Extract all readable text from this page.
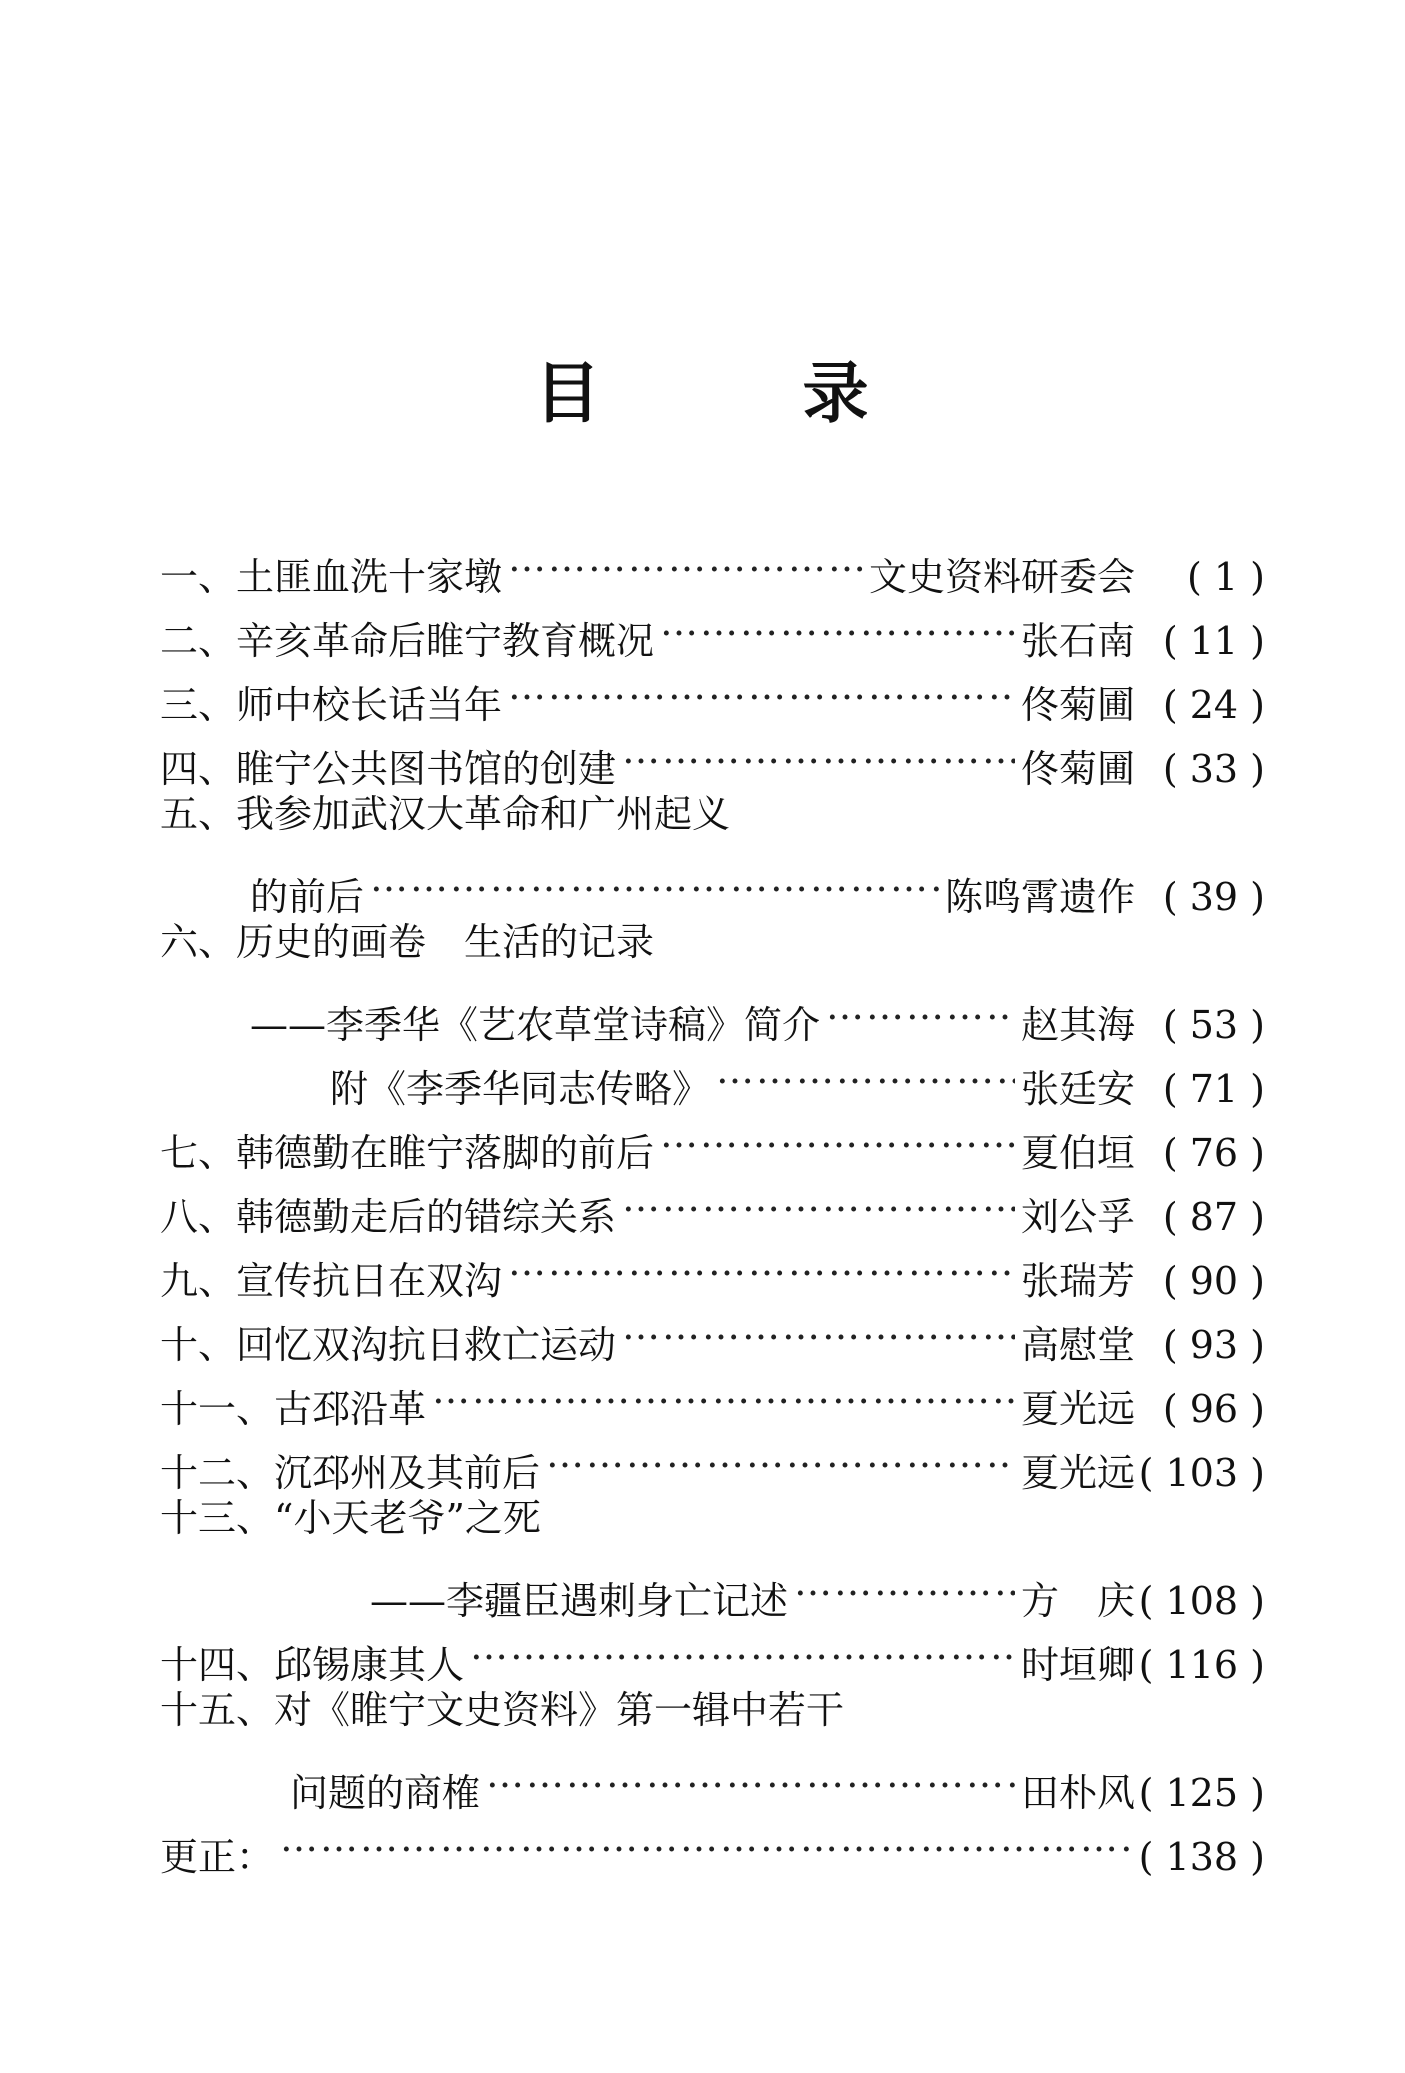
目	录
一、 土匪血洗十家墩 ……………………………………………………………………………………………………	文史资料研委会	( 1 )
二、 辛亥革命后睢宁教育概况 ……………………………………………………………………………………………………	张石南 ( 11 )
三、 师中校长话当年 ……………………………………………………………………………………………………	佟菊圃 ( 24 )
四、 睢宁公共图书馆的创建 ……………………………………………………………………………………………………	佟菊圃 ( 33 )
五、 我参加武汉大革命和广州起义
的前后 ……………………………………………………………………………………………………	陈鸣霄遗作 ( 39 )
六、 历史的画卷　生活的记录
——李季华《艺农草堂诗稿》简介 ……………………………………………………………………………………………………	赵其海 ( 53 )
附《李季华同志传略》 ……………………………………………………………………………………………………	张廷安 ( 71 )
七、 韩德勤在睢宁落脚的前后 ……………………………………………………………………………………………………	夏伯垣 ( 76 )
八、 韩德勤走后的错综关系 ……………………………………………………………………………………………………	刘公孚 ( 87 )
九、 宣传抗日在双沟 ……………………………………………………………………………………………………	张瑞芳 ( 90 )
十、 回忆双沟抗日救亡运动 ……………………………………………………………………………………………………	高慰堂 ( 93 )
十一、 古邳沿革 ……………………………………………………………………………………………………	夏光远 ( 96 )
十二、 沉邳州及其前后 ……………………………………………………………………………………………………	夏光远 ( 103 )
十三、 “小天老爷”之死
——李疆臣遇刺身亡记述 ……………………………………………………………………………………………………	方　庆 ( 108 )
十四、 邱锡康其人 ……………………………………………………………………………………………………	时垣卿 ( 116 )
十五、 对《睢宁文史资料》第一辑中若干
问题的商榷 ……………………………………………………………………………………………………	田朴风 ( 125 )
更正： ……………………………………………………………………………………………………	( 138 )
